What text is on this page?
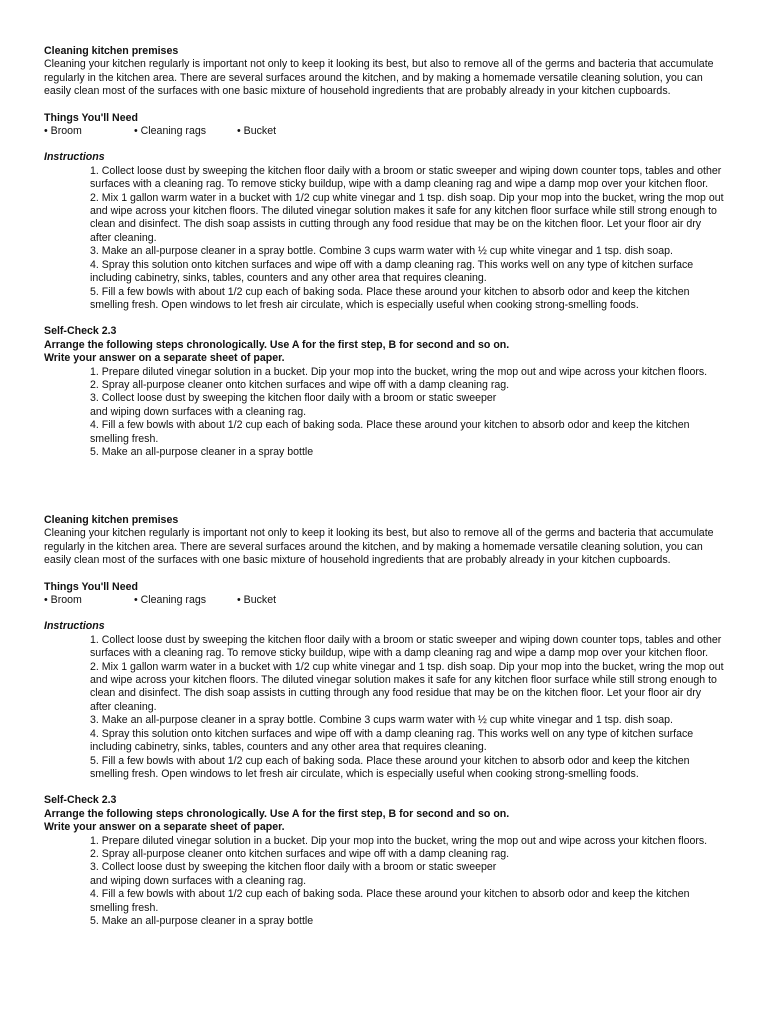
Cleaning kitchen premises

Cleaning your kitchen regularly is important not only to keep it looking its best, but also to remove all of the germs and bacteria that accumulate regularly in the kitchen area. There are several surfaces around the kitchen, and by making a homemade versatile cleaning solution, you can easily clean most of the surfaces with one basic mixture of household ingredients that are probably already in your kitchen cupboards.

Things You'll Need
• Broom	• Cleaning rags	• Bucket
Instructions

1. Collect loose dust by sweeping the kitchen floor daily with a broom or static sweeper and wiping down counter tops, tables and other surfaces with a cleaning rag. To remove sticky buildup, wipe with a damp cleaning rag and wipe a damp mop over your kitchen floor.

2. Mix 1 gallon warm water in a bucket with 1/2 cup white vinegar and 1 tsp. dish soap. Dip your mop into the bucket, wring the mop out and wipe across your kitchen floors. The diluted vinegar solution makes it safe for any kitchen floor surface while still strong enough to clean and disinfect. The dish soap assists in cutting through any food residue that may be on the kitchen floor. Let your floor air dry after cleaning.

3. Make an all-purpose cleaner in a spray bottle. Combine 3 cups warm water with ½ cup white vinegar and 1 tsp. dish soap.

4. Spray this solution onto kitchen surfaces and wipe off with a damp cleaning rag. This works well on any type of kitchen surface including cabinetry, sinks, tables, counters and any other area that requires cleaning.

5. Fill a few bowls with about 1/2 cup each of baking soda. Place these around your kitchen to absorb odor and keep the kitchen smelling fresh. Open windows to let fresh air circulate, which is especially useful when cooking strong-smelling foods.

Self-Check 2.3

Arrange the following steps chronologically. Use A for the first step, B for second and so on.

Write your answer on a separate sheet of paper.

1. Prepare diluted vinegar solution in a bucket. Dip your mop into the bucket, wring the mop out and wipe across your kitchen floors.

2. Spray all-purpose cleaner onto kitchen surfaces and wipe off with a damp cleaning rag.

3. Collect loose dust by sweeping the kitchen floor daily with a broom or static sweeper

and wiping down surfaces with a cleaning rag.

4. Fill a few bowls with about 1/2 cup each of baking soda. Place these around your kitchen to absorb odor and keep the kitchen smelling fresh.

5. Make an all-purpose cleaner in a spray bottle

Cleaning kitchen premises

Cleaning your kitchen regularly is important not only to keep it looking its best, but also to remove all of the germs and bacteria that accumulate regularly in the kitchen area. There are several surfaces around the kitchen, and by making a homemade versatile cleaning solution, you can easily clean most of the surfaces with one basic mixture of household ingredients that are probably already in your kitchen cupboards.

Things You'll Need
• Broom	• Cleaning rags	• Bucket
Instructions

1. Collect loose dust by sweeping the kitchen floor daily with a broom or static sweeper and wiping down counter tops, tables and other surfaces with a cleaning rag. To remove sticky buildup, wipe with a damp cleaning rag and wipe a damp mop over your kitchen floor.

2. Mix 1 gallon warm water in a bucket with 1/2 cup white vinegar and 1 tsp. dish soap. Dip your mop into the bucket, wring the mop out and wipe across your kitchen floors. The diluted vinegar solution makes it safe for any kitchen floor surface while still strong enough to clean and disinfect. The dish soap assists in cutting through any food residue that may be on the kitchen floor. Let your floor air dry after cleaning.

3. Make an all-purpose cleaner in a spray bottle. Combine 3 cups warm water with ½ cup white vinegar and 1 tsp. dish soap.

4. Spray this solution onto kitchen surfaces and wipe off with a damp cleaning rag. This works well on any type of kitchen surface including cabinetry, sinks, tables, counters and any other area that requires cleaning.

5. Fill a few bowls with about 1/2 cup each of baking soda. Place these around your kitchen to absorb odor and keep the kitchen smelling fresh. Open windows to let fresh air circulate, which is especially useful when cooking strong-smelling foods.

Self-Check 2.3

Arrange the following steps chronologically. Use A for the first step, B for second and so on.

Write your answer on a separate sheet of paper.

1. Prepare diluted vinegar solution in a bucket. Dip your mop into the bucket, wring the mop out and wipe across your kitchen floors.

2. Spray all-purpose cleaner onto kitchen surfaces and wipe off with a damp cleaning rag.

3. Collect loose dust by sweeping the kitchen floor daily with a broom or static sweeper

and wiping down surfaces with a cleaning rag.

4. Fill a few bowls with about 1/2 cup each of baking soda. Place these around your kitchen to absorb odor and keep the kitchen smelling fresh.

5. Make an all-purpose cleaner in a spray bottle
